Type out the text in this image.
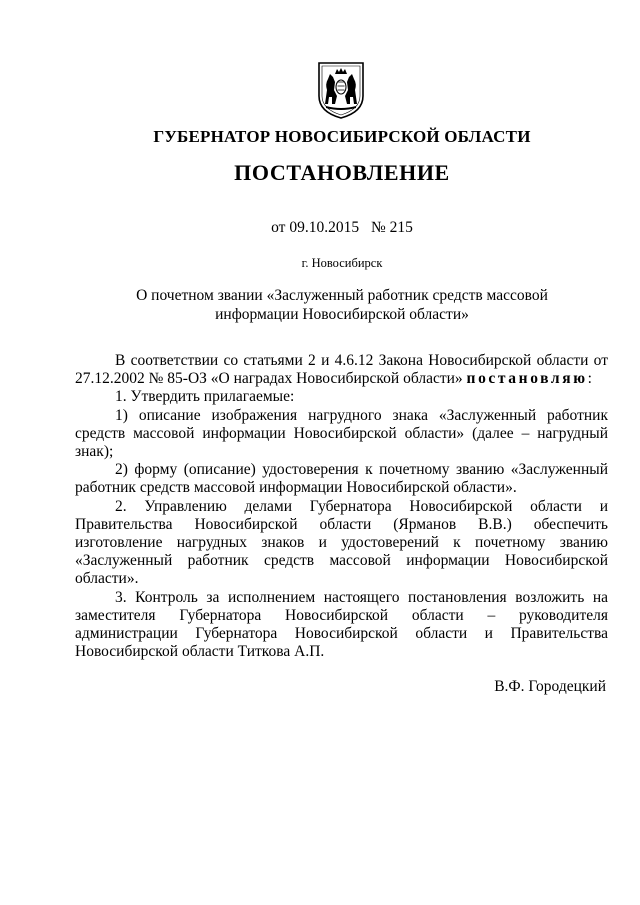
ГУБЕРНАТОР НОВОСИБИРСКОЙ ОБЛАСТИ
ПОСТАНОВЛЕНИЕ
от 09.10.2015 № 215
г. Новосибирск
О почетном звании «Заслуженный работник средств массовой информации Новосибирской области»

В соответствии со статьями 2 и 4.6.12 Закона Новосибирской области от 27.12.2002 № 85-ОЗ «О наградах Новосибирской области» постановляю:

1. Утвердить прилагаемые:

1) описание изображения нагрудного знака «Заслуженный работник средств массовой информации Новосибирской области» (далее – нагрудный знак);

2) форму (описание) удостоверения к почетному званию «Заслуженный работник средств массовой информации Новосибирской области».

2. Управлению делами Губернатора Новосибирской области и Правительства Новосибирской области (Ярманов В.В.) обеспечить изготовление нагрудных знаков и удостоверений к почетному званию «Заслуженный работник средств массовой информации Новосибирской области».

3. Контроль за исполнением настоящего постановления возложить на заместителя Губернатора Новосибирской области – руководителя администрации Губернатора Новосибирской области и Правительства Новосибирской области Титкова А.П.

В.Ф. Городецкий
